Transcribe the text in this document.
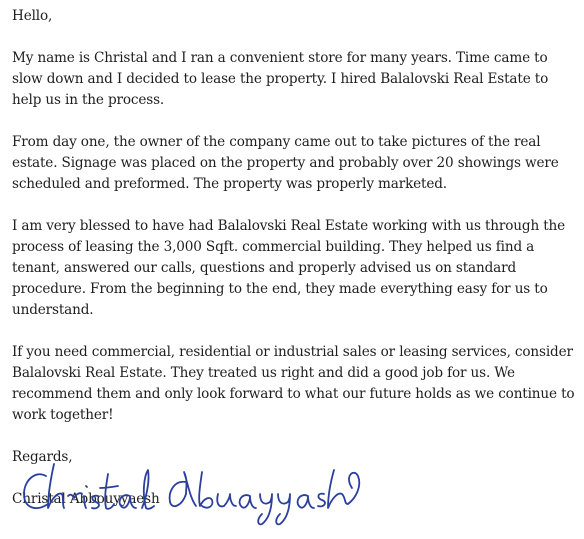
Hello,

My name is Christal and I ran a convenient store for many years. Time came to slow down and I decided to lease the property. I hired Balalovski Real Estate to help us in the process.

From day one, the owner of the company came out to take pictures of the real estate. Signage was placed on the property and probably over 20 showings were scheduled and preformed. The property was properly marketed.

I am very blessed to have had Balalovski Real Estate working with us through the process of leasing the 3,000 Sqft. commercial building. They helped us find a tenant, answered our calls, questions and properly advised us on standard procedure. From the beginning to the end, they made everything easy for us to understand.

If you need commercial, residential or industrial sales or leasing services, consider Balalovski Real Estate. They treated us right and did a good job for us. We recommend them and only look forward to what our future holds as we continue to work together!

Regards,

Christal Abbouyyaesh
